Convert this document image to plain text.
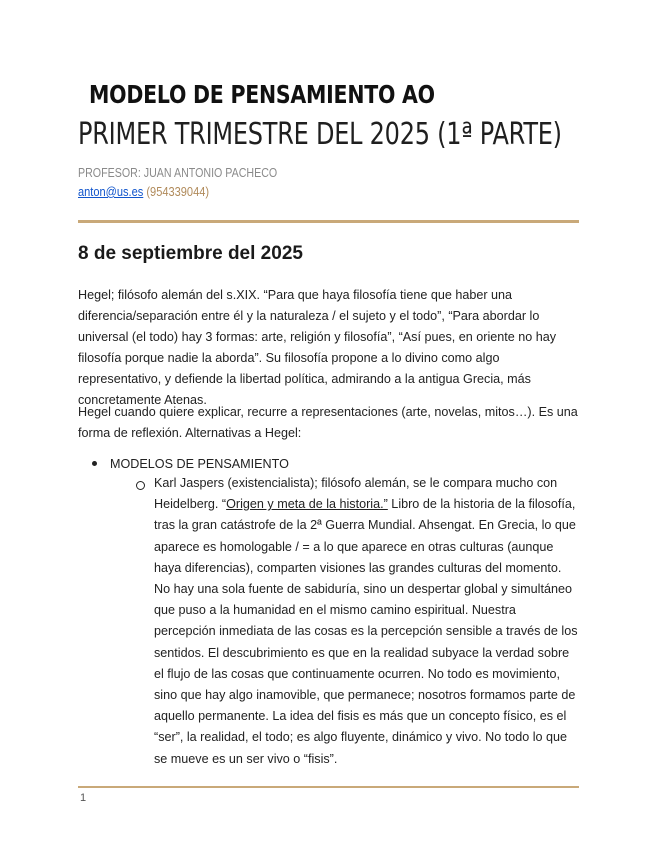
MODELO DE PENSAMIENTO AO
PRIMER TRIMESTRE DEL 2025 (1ª PARTE)
PROFESOR: JUAN ANTONIO PACHECO
anton@us.es (954339044)
8 de septiembre del 2025
Hegel; filósofo alemán del s.XIX. “Para que haya filosofía tiene que haber una diferencia/separación entre él y la naturaleza / el sujeto y el todo”, “Para abordar lo universal (el todo) hay 3 formas: arte, religión y filosofía”, “Así pues, en oriente no hay filosofía porque nadie la aborda”. Su filosofía propone a lo divino como algo representativo, y defiende la libertad política, admirando a la antigua Grecia, más concretamente Atenas.
Hegel cuando quiere explicar, recurre a representaciones (arte, novelas, mitos…). Es una forma de reflexión. Alternativas a Hegel:
MODELOS DE PENSAMIENTO
Karl Jaspers (existencialista); filósofo alemán, se le compara mucho con Heidelberg. “Origen y meta de la historia.” Libro de la historia de la filosofía, tras la gran catástrofe de la 2ª Guerra Mundial. Ahsengat. En Grecia, lo que aparece es homologable / = a lo que aparece en otras culturas (aunque haya diferencias), comparten visiones las grandes culturas del momento. No hay una sola fuente de sabiduría, sino un despertar global y simultáneo que puso a la humanidad en el mismo camino espiritual. Nuestra percepción inmediata de las cosas es la percepción sensible a través de los sentidos. El descubrimiento es que en la realidad subyace la verdad sobre el flujo de las cosas que continuamente ocurren. No todo es movimiento, sino que hay algo inamovible, que permanece; nosotros formamos parte de aquello permanente. La idea del fisis es más que un concepto físico, es el “ser”, la realidad, el todo; es algo fluyente, dinámico y vivo. No todo lo que se mueve es un ser vivo o “fisis”.
1
